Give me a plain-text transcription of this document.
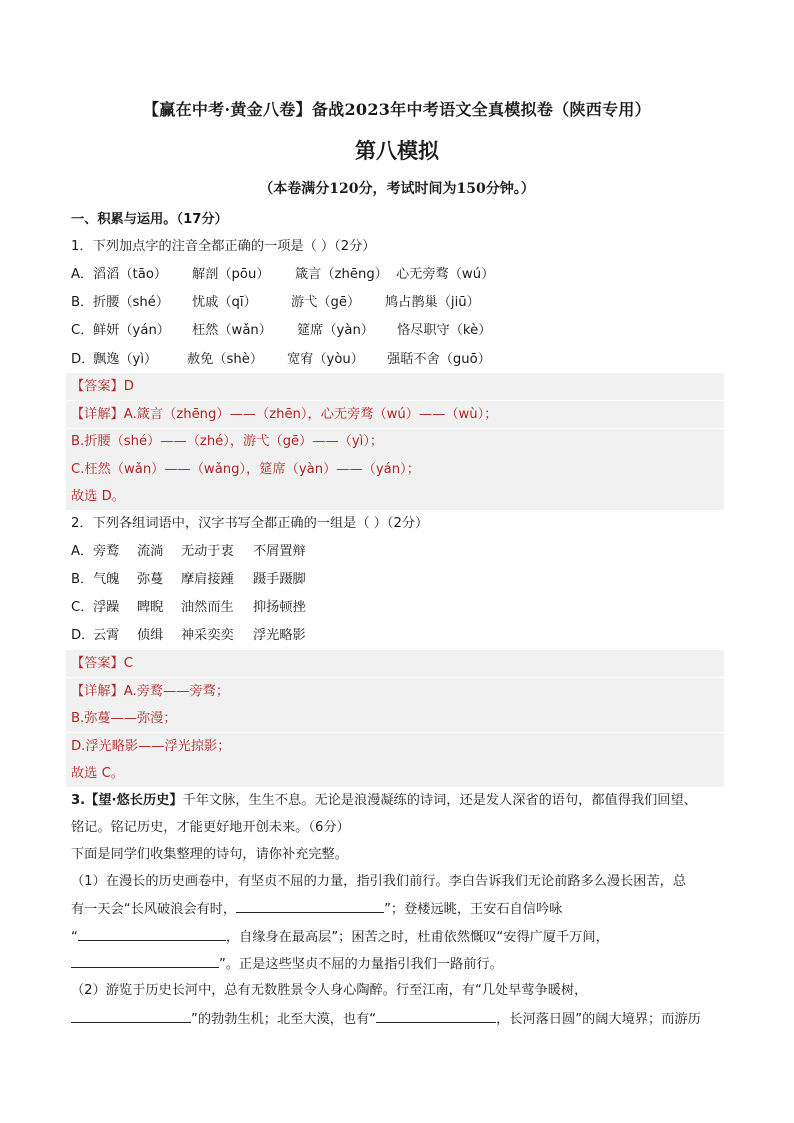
【赢在中考·黄金八卷】备战2023年中考语文全真模拟卷（陕西专用）
第八模拟
（本卷满分120分，考试时间为150分钟。）
一、积累与运用。（17分）
1．下列加点字的注音全都正确的一项是（ ）（2分）
A． 滔滔（tāo） 解剖（pōu） 箴言（zhēng） 心无旁骛（wú）
B． 折腰（shé） 忧戚（qī）	游弋（gē） 鸠占鹊巢（jiū）
C． 鲜妍（yán） 枉然（wǎn） 筵席（yàn） 恪尽职守（kè）
D．
飘逸（yì） 赦免（shè） 宽宥（yòu） 强聒不舍（guō）
【答案】D
【详解】A.箴言（zhēng）——（zhēn），心无旁骛（wú）——（wù）；
B.折腰（shé）——（zhé），游弋（gē）——（yì）；
C.枉然（wǎn）——（wǎng），筵席（yàn）——（yán）；
故选 D。
2．下列各组词语中，汉字书写全都正确的一组是（ ）（2分）
A． 旁鹜 流淌 无动于衷 不屑置辩
B． 气魄 弥蔓 摩肩接踵 蹑手蹑脚
C． 浮躁 睥睨 油然而生 抑扬顿挫
D．
云霄 侦缉 神采奕奕 浮光略影
【答案】C
【详解】A.旁鹜——旁骛；
B.弥蔓——弥漫；
D.浮光略影——浮光掠影；
故选 C。
3.【望·悠长历史】千年文脉，生生不息。无论是浪漫凝练的诗词，还是发人深省的语句，都值得我们回望、
铭记。铭记历史，才能更好地开创未来。（6分）
下面是同学们收集整理的诗句，请你补充完整。
（1）在漫长的历史画卷中，有坚贞不屈的力量，指引我们前行。李白告诉我们无论前路多么漫长困苦，总
有一天会“长风破浪会有时，	”；登楼远眺，王安石自信吟咏
“	，自缘身在最高层”；困苦之时，杜甫依然慨叹“安得广厦千万间，
”。正是这些坚贞不屈的力量指引我们一路前行。
（2）游览于历史长河中，总有无数胜景令人身心陶醉。行至江南，有“几处早莺争暖树，
”的勃勃生机；北至大漠，也有“	，长河落日圆”的阔大境界；而游历
